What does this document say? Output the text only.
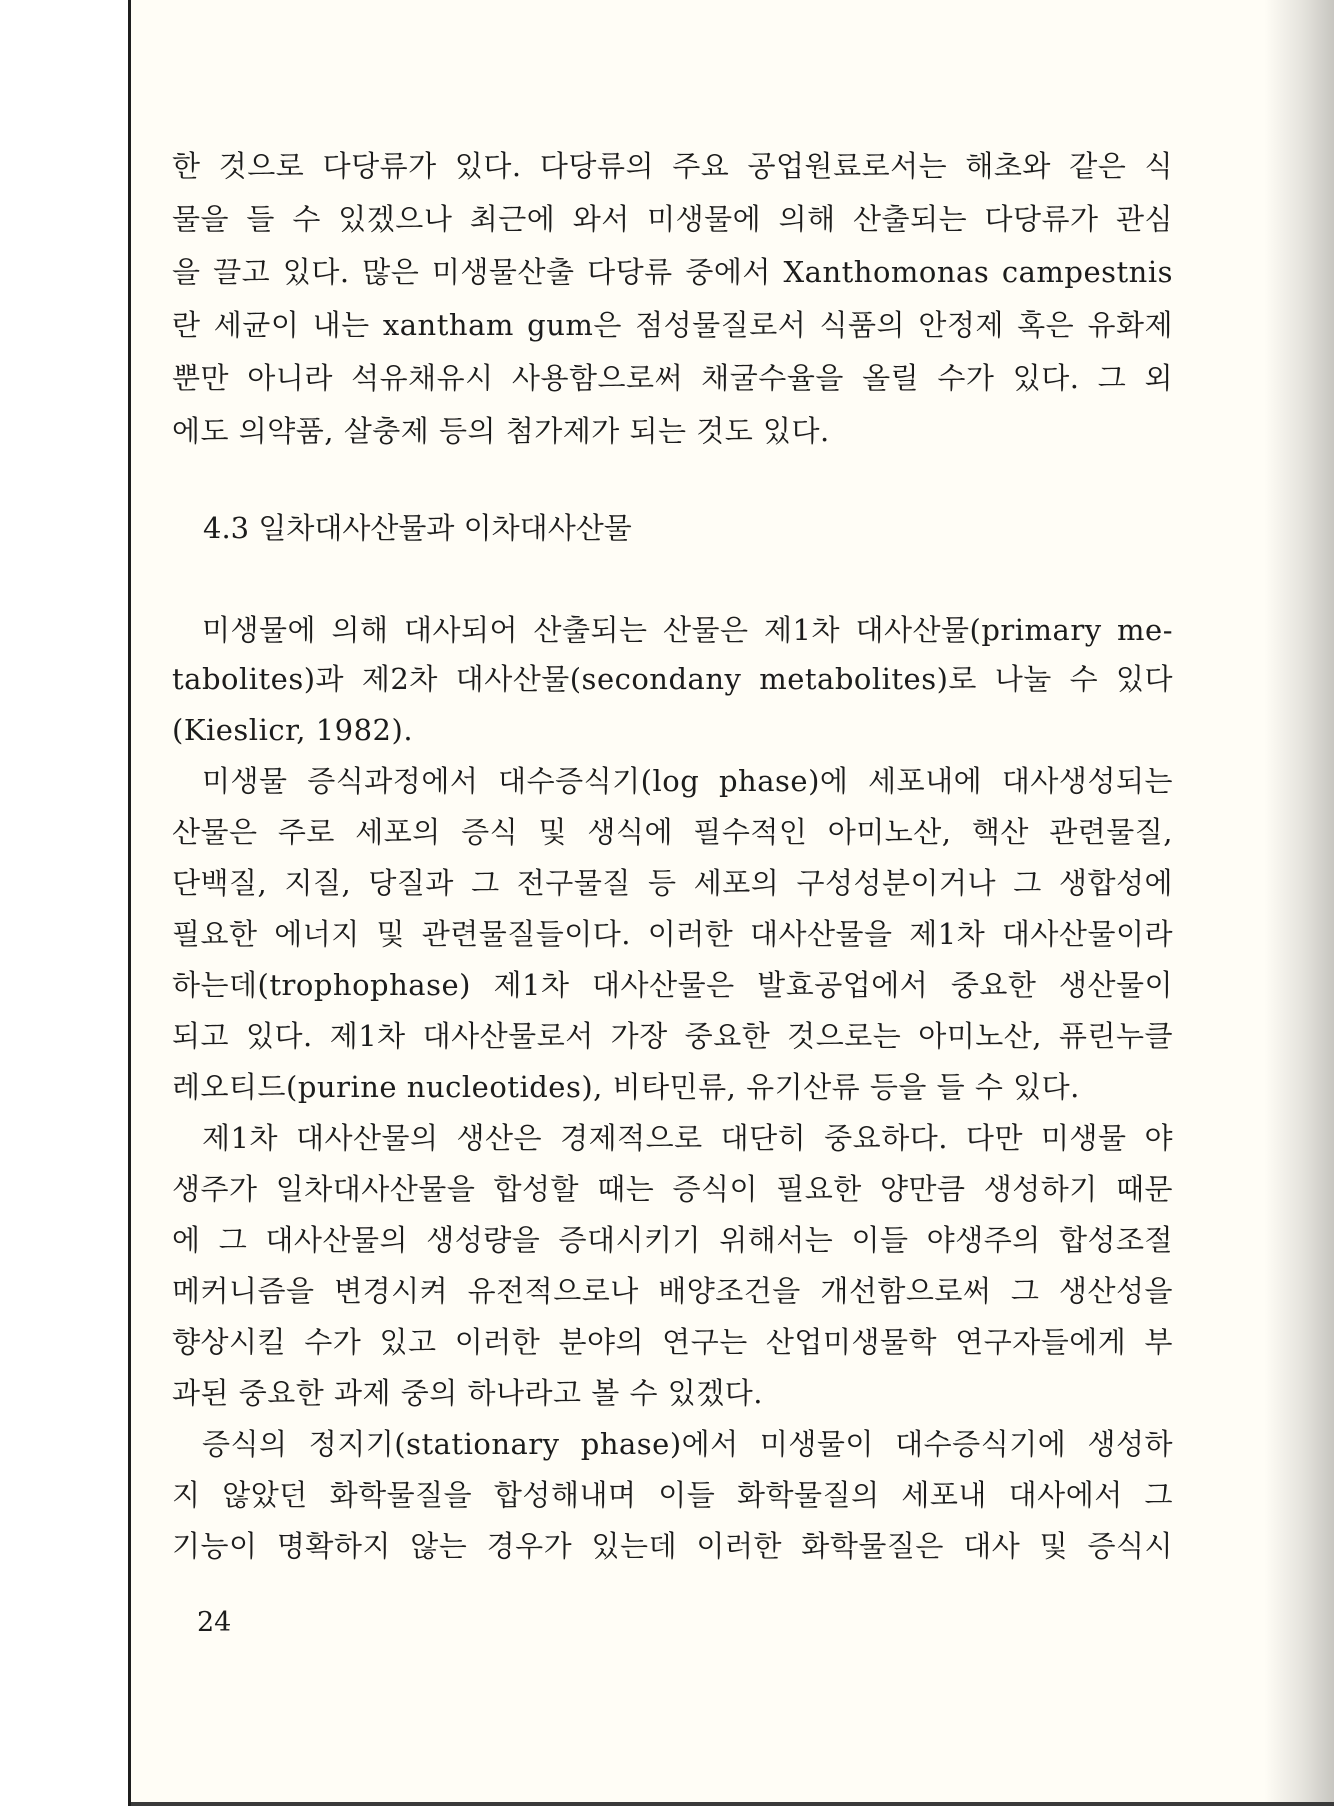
한 것으로 다당류가 있다. 다당류의 주요 공업원료로서는 해초와 같은 식
물을 들 수 있겠으나 최근에 와서 미생물에 의해 산출되는 다당류가 관심
을 끌고 있다. 많은 미생물산출 다당류 중에서 Xanthomonas campestnis
란 세균이 내는 xantham gum은 점성물질로서 식품의 안정제 혹은 유화제
뿐만 아니라 석유채유시 사용함으로써 채굴수율을 올릴 수가 있다. 그 외
에도 의약품, 살충제 등의 첨가제가 되는 것도 있다.
4.3 일차대사산물과 이차대사산물
미생물에 의해 대사되어 산출되는 산물은 제1차 대사산물(primary me-
tabolites)과 제2차 대사산물(secondany metabolites)로 나눌 수 있다
(Kieslicr, 1982).
미생물 증식과정에서 대수증식기(log phase)에 세포내에 대사생성되는
산물은 주로 세포의 증식 및 생식에 필수적인 아미노산, 핵산 관련물질,
단백질, 지질, 당질과 그 전구물질 등 세포의 구성성분이거나 그 생합성에
필요한 에너지 및 관련물질들이다. 이러한 대사산물을 제1차 대사산물이라
하는데(trophophase) 제1차 대사산물은 발효공업에서 중요한 생산물이
되고 있다. 제1차 대사산물로서 가장 중요한 것으로는 아미노산, 퓨린누클
레오티드(purine nucleotides), 비타민류, 유기산류 등을 들 수 있다.
제1차 대사산물의 생산은 경제적으로 대단히 중요하다. 다만 미생물 야
생주가 일차대사산물을 합성할 때는 증식이 필요한 양만큼 생성하기 때문
에 그 대사산물의 생성량을 증대시키기 위해서는 이들 야생주의 합성조절
메커니즘을 변경시켜 유전적으로나 배양조건을 개선함으로써 그 생산성을
향상시킬 수가 있고 이러한 분야의 연구는 산업미생물학 연구자들에게 부
과된 중요한 과제 중의 하나라고 볼 수 있겠다.
증식의 정지기(stationary phase)에서 미생물이 대수증식기에 생성하
지 않았던 화학물질을 합성해내며 이들 화학물질의 세포내 대사에서 그
기능이 명확하지 않는 경우가 있는데 이러한 화학물질은 대사 및 증식시
24
